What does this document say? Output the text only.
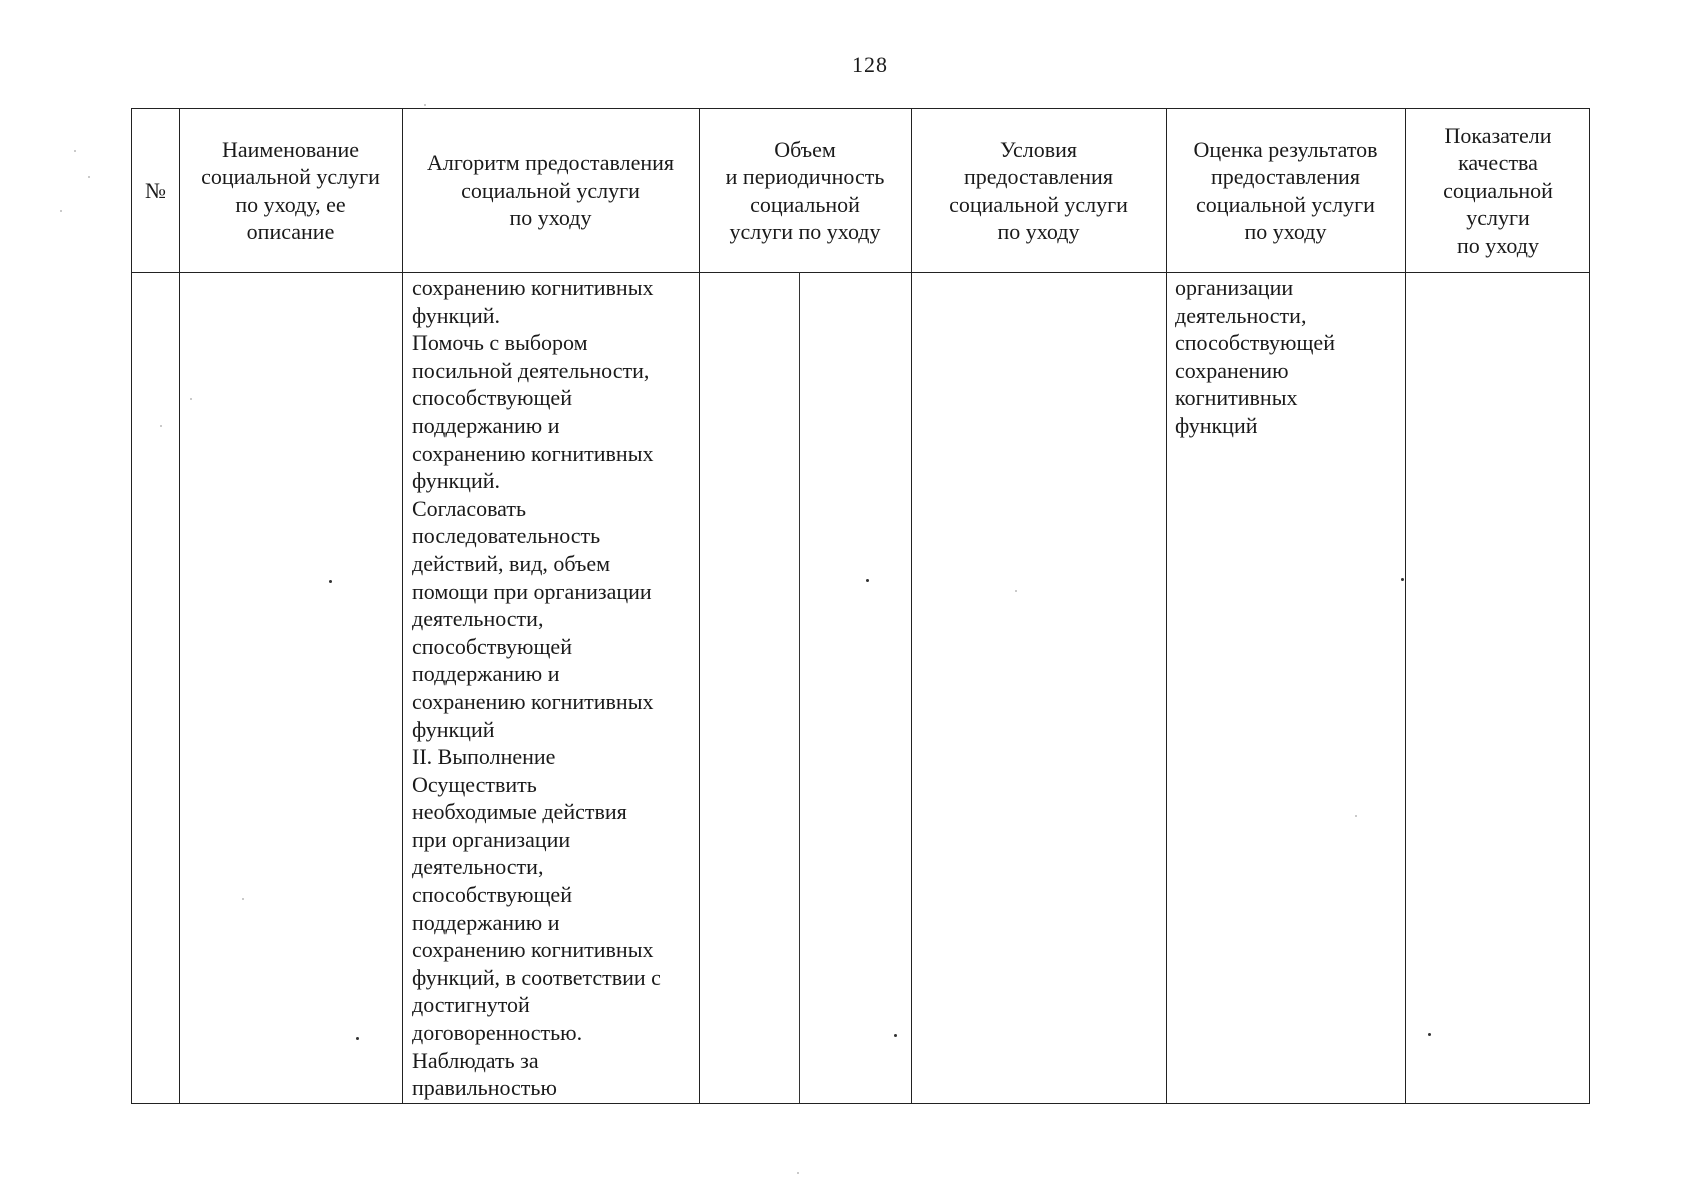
128
№
Наименование
социальной услуги
по уходу, ее
описание
Алгоритм предоставления
социальной услуги
по уходу
Объем
и периодичность
социальной
услуги по уходу
Условия
предоставления
социальной услуги
по уходу
Оценка результатов
предоставления
социальной услуги
по уходу
Показатели
качества
социальной
услуги
по уходу
сохранению когнитивных
функций.
Помочь с выбором
посильной деятельности,
способствующей
поддержанию и
сохранению когнитивных
функций.
Согласовать
последовательность
действий, вид, объем
помощи при организации
деятельности,
способствующей
поддержанию и
сохранению когнитивных
функций
II. Выполнение
Осуществить
необходимые действия
при организации
деятельности,
способствующей
поддержанию и
сохранению когнитивных
функций, в соответствии с
достигнутой
договоренностью.
Наблюдать за
правильностью
организации
деятельности,
способствующей
сохранению
когнитивных
функций
